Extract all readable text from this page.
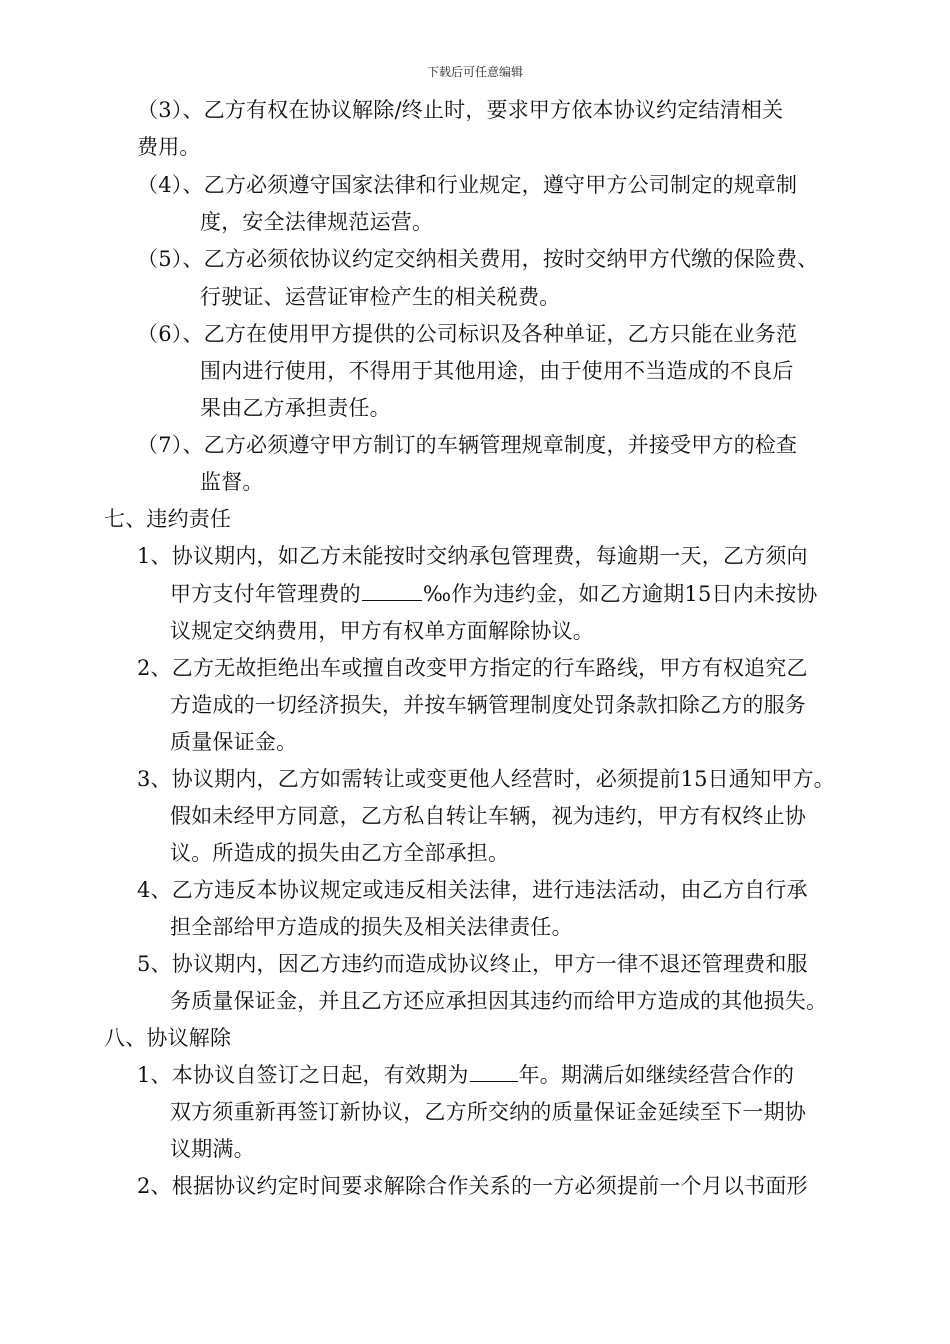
下载后可任意编辑
（3）、乙方有权在协议解除/终止时，要求甲方依本协议约定结清相关
费用。
（4）、乙方必须遵守国家法律和行业规定，遵守甲方公司制定的规章制
度，安全法律规范运营。
（5）、乙方必须依协议约定交纳相关费用，按时交纳甲方代缴的保险费、
行驶证、运营证审检产生的相关税费。
（6）、乙方在使用甲方提供的公司标识及各种单证，乙方只能在业务范
围内进行使用，不得用于其他用途，由于使用不当造成的不良后
果由乙方承担责任。
（7）、乙方必须遵守甲方制订的车辆管理规章制度，并接受甲方的检查
监督。
七、违约责任
1、协议期内，如乙方未能按时交纳承包管理费，每逾期一天，乙方须向
甲方支付年管理费的	‰作为违约金，如乙方逾期15日内未按协
议规定交纳费用，甲方有权单方面解除协议。
2、乙方无故拒绝出车或擅自改变甲方指定的行车路线，甲方有权追究乙
方造成的一切经济损失，并按车辆管理制度处罚条款扣除乙方的服务
质量保证金。
3、协议期内，乙方如需转让或变更他人经营时，必须提前15日通知甲方。
假如未经甲方同意，乙方私自转让车辆，视为违约，甲方有权终止协
议。所造成的损失由乙方全部承担。
4、乙方违反本协议规定或违反相关法律，进行违法活动，由乙方自行承
担全部给甲方造成的损失及相关法律责任。
5、协议期内，因乙方违约而造成协议终止，甲方一律不退还管理费和服
务质量保证金，并且乙方还应承担因其违约而给甲方造成的其他损失。
八、协议解除
1、本协议自签订之日起，有效期为 年。期满后如继续经营合作的
双方须重新再签订新协议，乙方所交纳的质量保证金延续至下一期协
议期满。
2、根据协议约定时间要求解除合作关系的一方必须提前一个月以书面形
